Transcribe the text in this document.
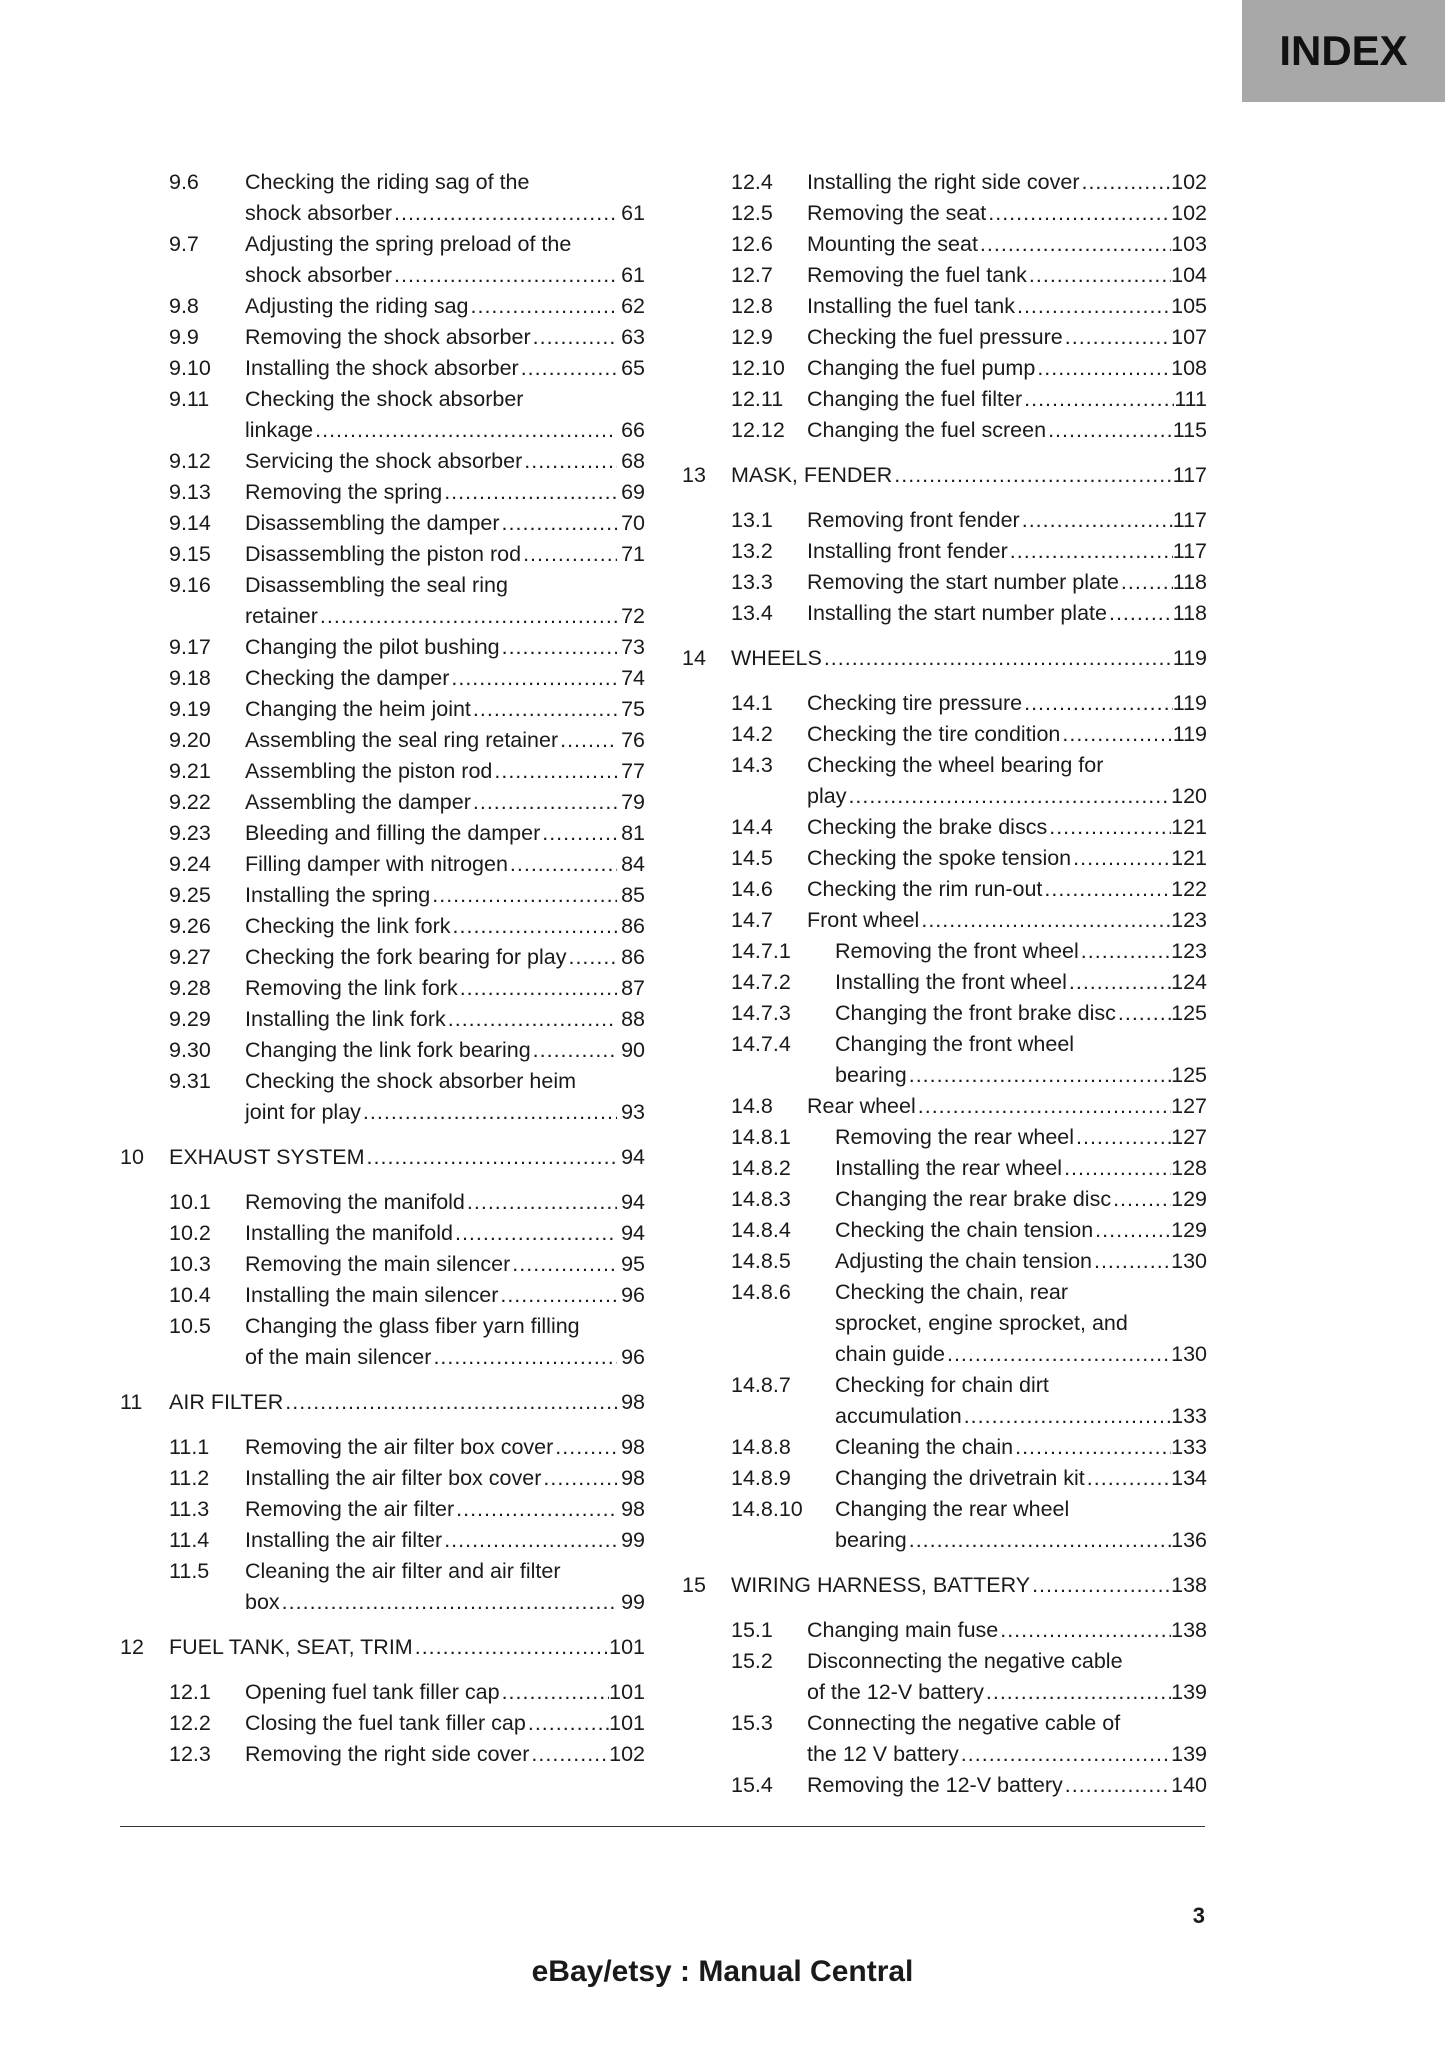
INDEX
9.6 Checking the riding sag of the
shock absorber .....	61
9.7 Adjusting the spring preload of the
shock absorber .....	61
9.8 Adjusting the riding sag .....	62
9.9 Removing the shock absorber .....	63
9.10 Installing the shock absorber .....	65
9.11 Checking the shock absorber
linkage .....	66
9.12 Servicing the shock absorber .....	68
9.13 Removing the spring .....	69
9.14 Disassembling the damper .....	70
9.15 Disassembling the piston rod .....	71
9.16 Disassembling the seal ring
retainer .....	72
9.17 Changing the pilot bushing .....	73
9.18 Checking the damper .....	74
9.19 Changing the heim joint .....	75
9.20 Assembling the seal ring retainer .....	76
9.21 Assembling the piston rod .....	77
9.22 Assembling the damper .....	79
9.23 Bleeding and filling the damper .....	81
9.24 Filling damper with nitrogen .....	84
9.25 Installing the spring .....	85
9.26 Checking the link fork .....	86
9.27 Checking the fork bearing for play .....	86
9.28 Removing the link fork .....	87
9.29 Installing the link fork .....	88
9.30 Changing the link fork bearing .....	90
9.31 Checking the shock absorber heim
joint for play .....	93
10 EXHAUST SYSTEM .....	94
10.1 Removing the manifold .....	94
10.2 Installing the manifold .....	94
10.3 Removing the main silencer .....	95
10.4 Installing the main silencer .....	96
10.5 Changing the glass fiber yarn filling
of the main silencer .....	96
11 AIR FILTER .....	98
11.1 Removing the air filter box cover .....	98
11.2 Installing the air filter box cover .....	98
11.3 Removing the air filter .....	98
11.4 Installing the air filter .....	99
11.5 Cleaning the air filter and air filter
box .....	99
12 FUEL TANK, SEAT, TRIM .....	101
12.1 Opening fuel tank filler cap .....	101
12.2 Closing the fuel tank filler cap .....	101
12.3 Removing the right side cover .....	102
12.4 Installing the right side cover .....	102
12.5 Removing the seat .....	102
12.6 Mounting the seat .....	103
12.7 Removing the fuel tank .....	104
12.8 Installing the fuel tank .....	105
12.9 Checking the fuel pressure .....	107
12.10 Changing the fuel pump .....	108
12.11 Changing the fuel filter .....	111
12.12 Changing the fuel screen .....	115
13 MASK, FENDER .....	117
13.1 Removing front fender .....	117
13.2 Installing front fender .....	117
13.3 Removing the start number plate .....	118
13.4 Installing the start number plate .....	118
14 WHEELS .....	119
14.1 Checking tire pressure .....	119
14.2 Checking the tire condition .....	119
14.3 Checking the wheel bearing for
play .....	120
14.4 Checking the brake discs .....	121
14.5 Checking the spoke tension .....	121
14.6 Checking the rim run-out .....	122
14.7 Front wheel .....	123
14.7.1 Removing the front wheel .....	123
14.7.2 Installing the front wheel .....	124
14.7.3 Changing the front brake disc .....	125
14.7.4 Changing the front wheel
bearing .....	125
14.8 Rear wheel .....	127
14.8.1 Removing the rear wheel .....	127
14.8.2 Installing the rear wheel .....	128
14.8.3 Changing the rear brake disc .....	129
14.8.4 Checking the chain tension .....	129
14.8.5 Adjusting the chain tension .....	130
14.8.6 Checking the chain, rear
sprocket, engine sprocket, and
chain guide .....	130
14.8.7 Checking for chain dirt
accumulation .....	133
14.8.8 Cleaning the chain .....	133
14.8.9 Changing the drivetrain kit .....	134
14.8.10 Changing the rear wheel
bearing .....	136
15 WIRING HARNESS, BATTERY .....	138
15.1 Changing main fuse .....	138
15.2 Disconnecting the negative cable
of the 12-V battery .....	139
15.3 Connecting the negative cable of
the 12 V battery .....	139
15.4 Removing the 12-V battery .....	140
3
eBay/etsy : Manual Central
